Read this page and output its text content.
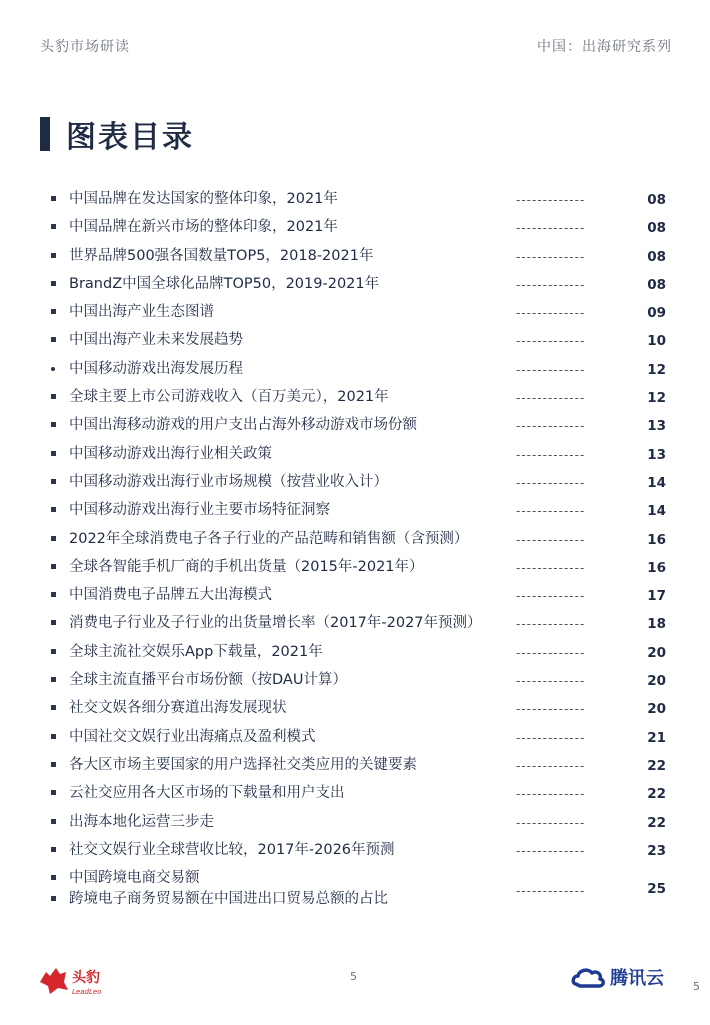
头豹市场研读	中国：出海研究系列
图表目录
中国品牌在发达国家的整体印象，2021年	-------------	08
中国品牌在新兴市场的整体印象，2021年	-------------	08
世界品牌500强各国数量TOP5，2018-2021年	-------------	08
BrandZ中国全球化品牌TOP50，2019-2021年	-------------	08
中国出海产业生态图谱	-------------	09
中国出海产业未来发展趋势	-------------	10
中国移动游戏出海发展历程	-------------	12
全球主要上市公司游戏收入（百万美元），2021年	-------------	12
中国出海移动游戏的用户支出占海外移动游戏市场份额	-------------	13
中国移动游戏出海行业相关政策	-------------	13
中国移动游戏出海行业市场规模（按营业收入计）	-------------	14
中国移动游戏出海行业主要市场特征洞察	-------------	14
2022年全球消费电子各子行业的产品范畴和销售额（含预测）	-------------	16
全球各智能手机厂商的手机出货量（2015年-2021年）	-------------	16
中国消费电子品牌五大出海模式	-------------	17
消费电子行业及子行业的出货量增长率（2017年-2027年预测）	-------------	18
全球主流社交娱乐App下载量，2021年	-------------	20
全球主流直播平台市场份额（按DAU计算）	-------------	20
社交文娱各细分赛道出海发展现状	-------------	20
中国社交文娱行业出海痛点及盈利模式	-------------	21
各大区市场主要国家的用户选择社交类应用的关键要素	-------------	22
云社交应用各大区市场的下载量和用户支出	-------------	22
出海本地化运营三步走	-------------	22
社交文娱行业全球营收比较，2017年-2026年预测	-------------	23
中国跨境电商交易额
跨境电子商务贸易额在中国进出口贸易总额的占比	-------------	25
头豹
LeadLeo
5	腾讯云	5
